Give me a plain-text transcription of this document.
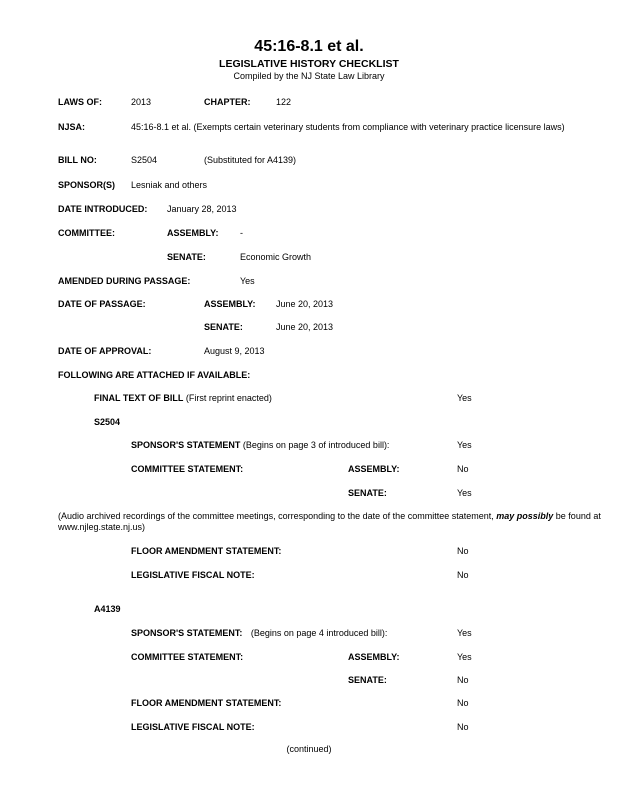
45:16-8.1 et al.
LEGISLATIVE HISTORY CHECKLIST
Compiled by the NJ State Law Library
LAWS OF:	2013	CHAPTER:	122
NJSA:	45:16-8.1 et al. (Exempts certain veterinary students from compliance with veterinary practice licensure laws)
BILL NO:	S2504	(Substituted for A4139)
SPONSOR(S) Lesniak and others
DATE INTRODUCED: January 28, 2013
COMMITTEE:	ASSEMBLY: -
SENATE:	Economic Growth
AMENDED DURING PASSAGE:	Yes
DATE OF PASSAGE:	ASSEMBLY: June 20, 2013
SENATE:	June 20, 2013
DATE OF APPROVAL:	August 9, 2013
FOLLOWING ARE ATTACHED IF AVAILABLE:
FINAL TEXT OF BILL (First reprint enacted)	Yes
S2504
SPONSOR'S STATEMENT (Begins on page 3 of introduced bill):	Yes
COMMITTEE STATEMENT:	ASSEMBLY:	No
SENATE:	Yes
(Audio archived recordings of the committee meetings, corresponding to the date of the committee statement, may possibly be found at www.njleg.state.nj.us)
FLOOR AMENDMENT STATEMENT:	No
LEGISLATIVE FISCAL NOTE:	No
A4139
SPONSOR'S STATEMENT: (Begins on page 4 introduced bill):	Yes
COMMITTEE STATEMENT:	ASSEMBLY:	Yes
SENATE:	No
FLOOR AMENDMENT STATEMENT:	No
LEGISLATIVE FISCAL NOTE:	No
(continued)
